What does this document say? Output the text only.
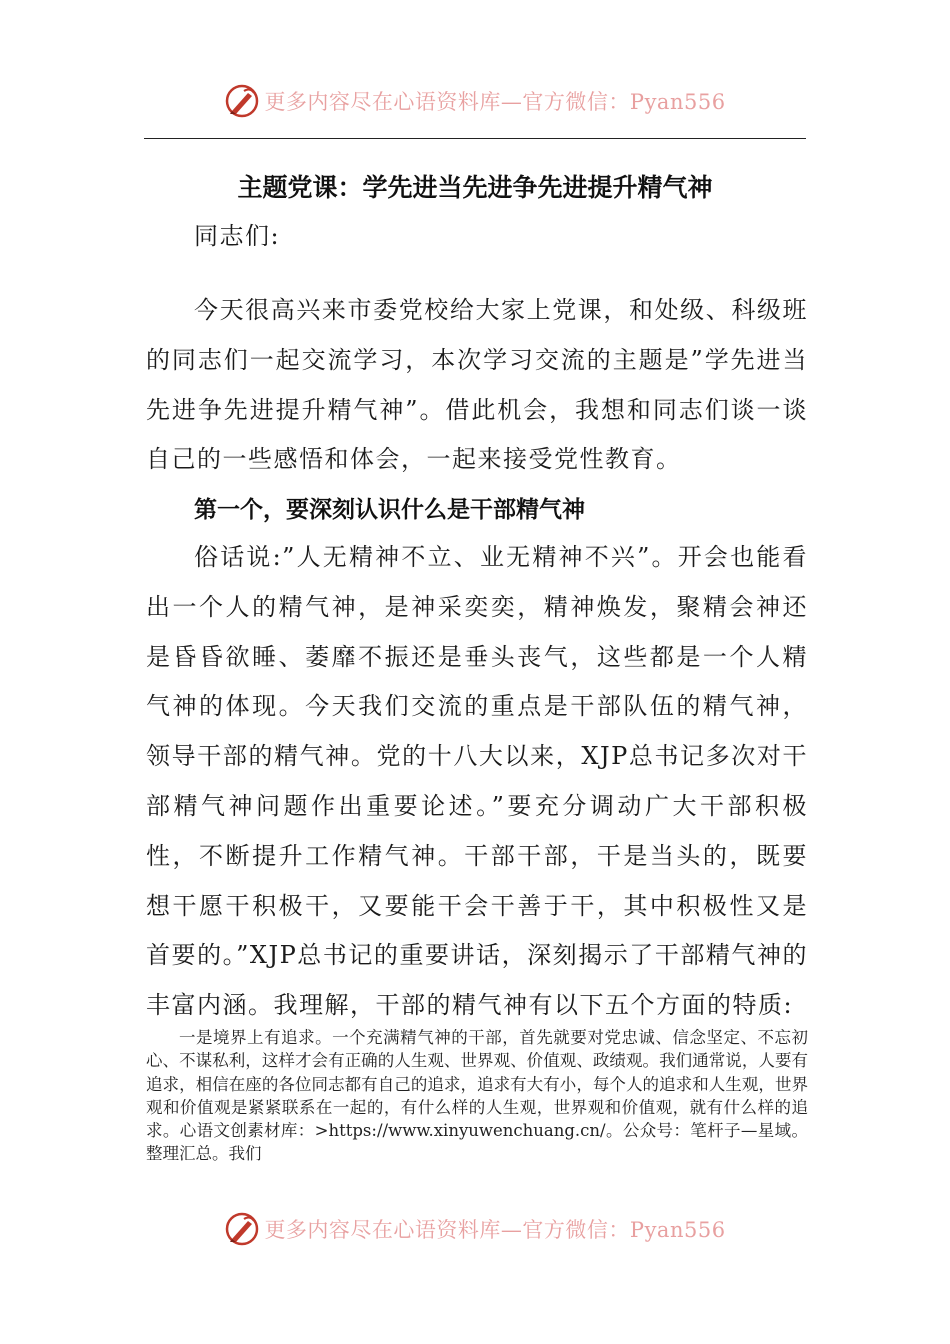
更多内容尽在心语资料库—官方微信：Pyan556
主题党课：学先进当先进争先进提升精气神

同志们:

今天很高兴来市委党校给大家上党课，和处级、科级班的同志们一起交流学习，本次学习交流的主题是”学先进当先进争先进提升精气神”。借此机会，我想和同志们谈一谈自己的一些感悟和体会，一起来接受党性教育。

第一个，要深刻认识什么是干部精气神

俗话说:”人无精神不立、业无精神不兴”。开会也能看出一个人的精气神，是神采奕奕，精神焕发，聚精会神还是昏昏欲睡、萎靡不振还是垂头丧气，这些都是一个人精气神的体现。今天我们交流的重点是干部队伍的精气神，领导干部的精气神。党的十八大以来，XJP总书记多次对干部精气神问题作出重要论述。”要充分调动广大干部积极性，不断提升工作精气神。干部干部，干是当头的，既要想干愿干积极干，又要能干会干善于干，其中积极性又是首要的。”XJP总书记的重要讲话，深刻揭示了干部精气神的丰富内涵。我理解，干部的精气神有以下五个方面的特质:

一是境界上有追求。一个充满精气神的干部，首先就要对党忠诚、信念坚定、不忘初心、不谋私利，这样才会有正确的人生观、世界观、价值观、政绩观。我们通常说，人要有追求，相信在座的各位同志都有自己的追求，追求有大有小，每个人的追求和人生观，世界观和价值观是紧紧联系在一起的，有什么样的人生观，世界观和价值观，就有什么样的追求。心语文创素材库：>https://www.xinyuwenchuang.cn/。公众号：笔杆子—星域。整理汇总。我们

更多内容尽在心语资料库—官方微信：Pyan556
